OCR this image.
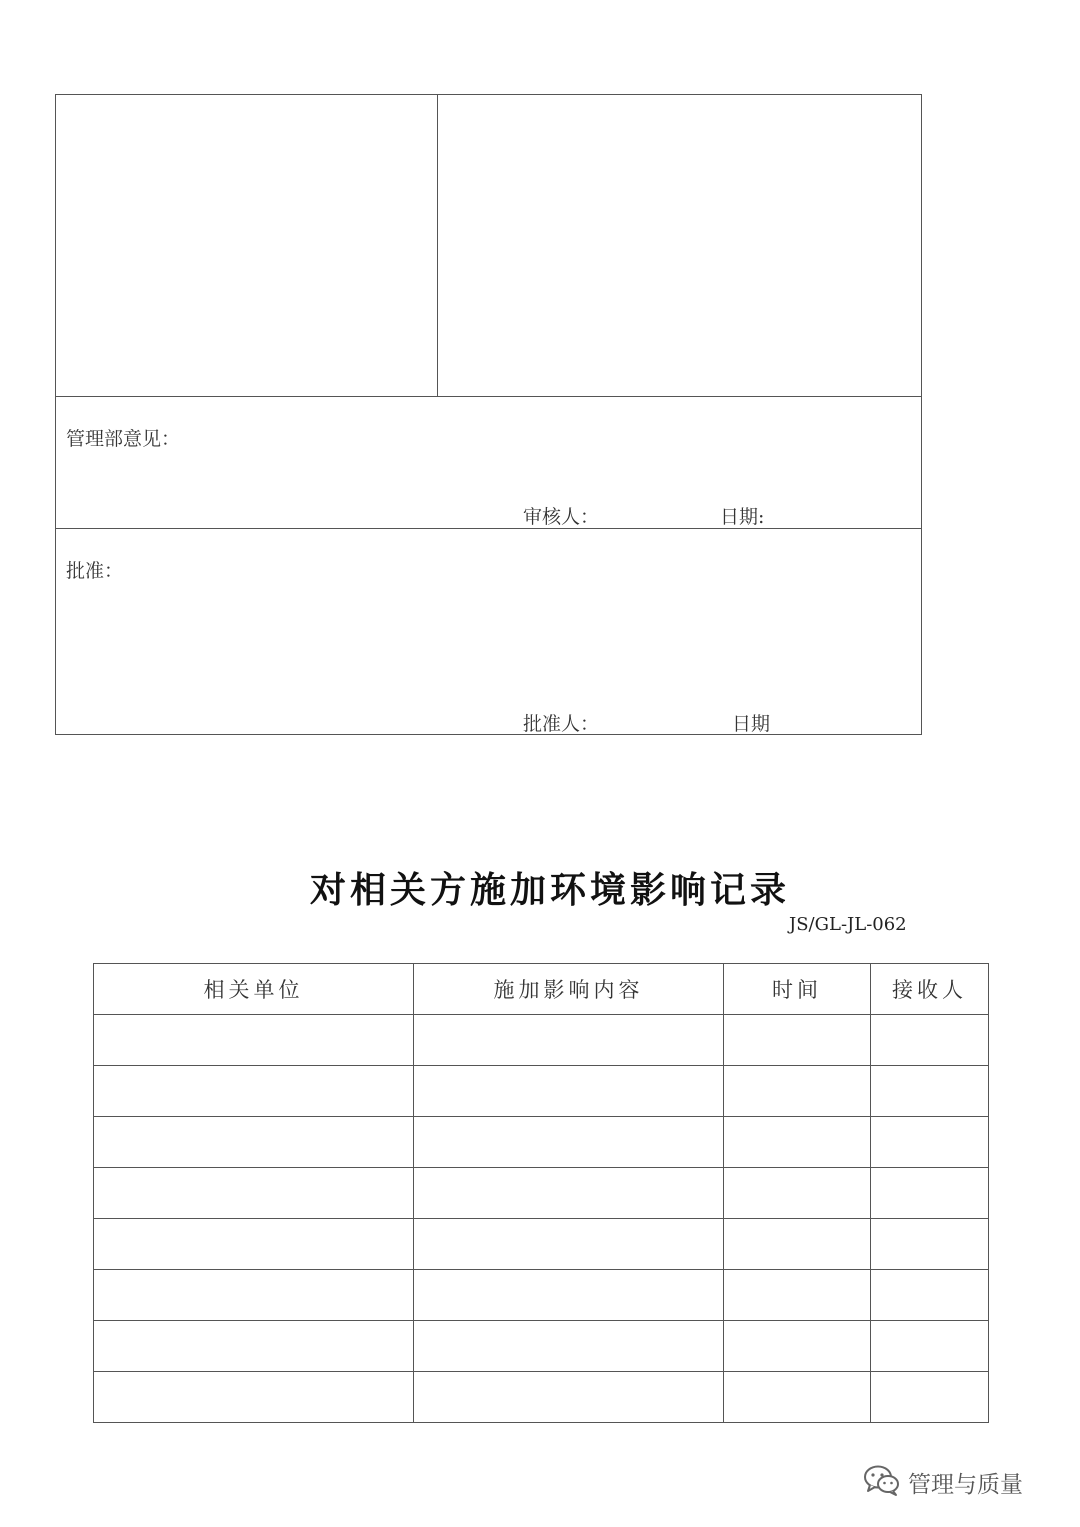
管理部意见：
审核人：	日期:
批准：
批准人：	日期
对相关方施加环境影响记录
JS/GL-JL-062
相关单位	施加影响内容	时间	接收人

管理与质量
